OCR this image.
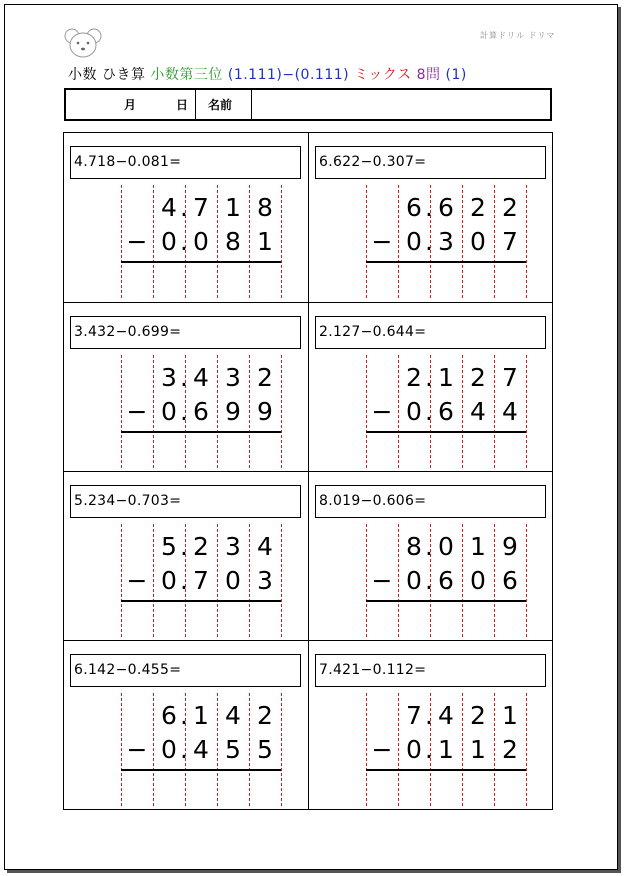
計算ドリル ドリマ
小数 ひき算 小数第三位 (1.111)−(0.111) ミックス 8問 (1)
月	日 名前
4.718−0.081=
4 7 1 8
0 0 8 1
−
.
.
6.622−0.307=
6 6 2 2
0 3 0 7
−
.
.
3.432−0.699=
3 4 3 2
0 6 9 9
−
.
.
2.127−0.644=
2 1 2 7
0 6 4 4
−
.
.
5.234−0.703=
5 2 3 4
0 7 0 3
−
.
.
8.019−0.606=
8 0 1 9
0 6 0 6
−
.
.
6.142−0.455=
6 1 4 2
0 4 5 5
−
.
.
7.421−0.112=
7 4 2 1
0 1 1 2
−
.
.
